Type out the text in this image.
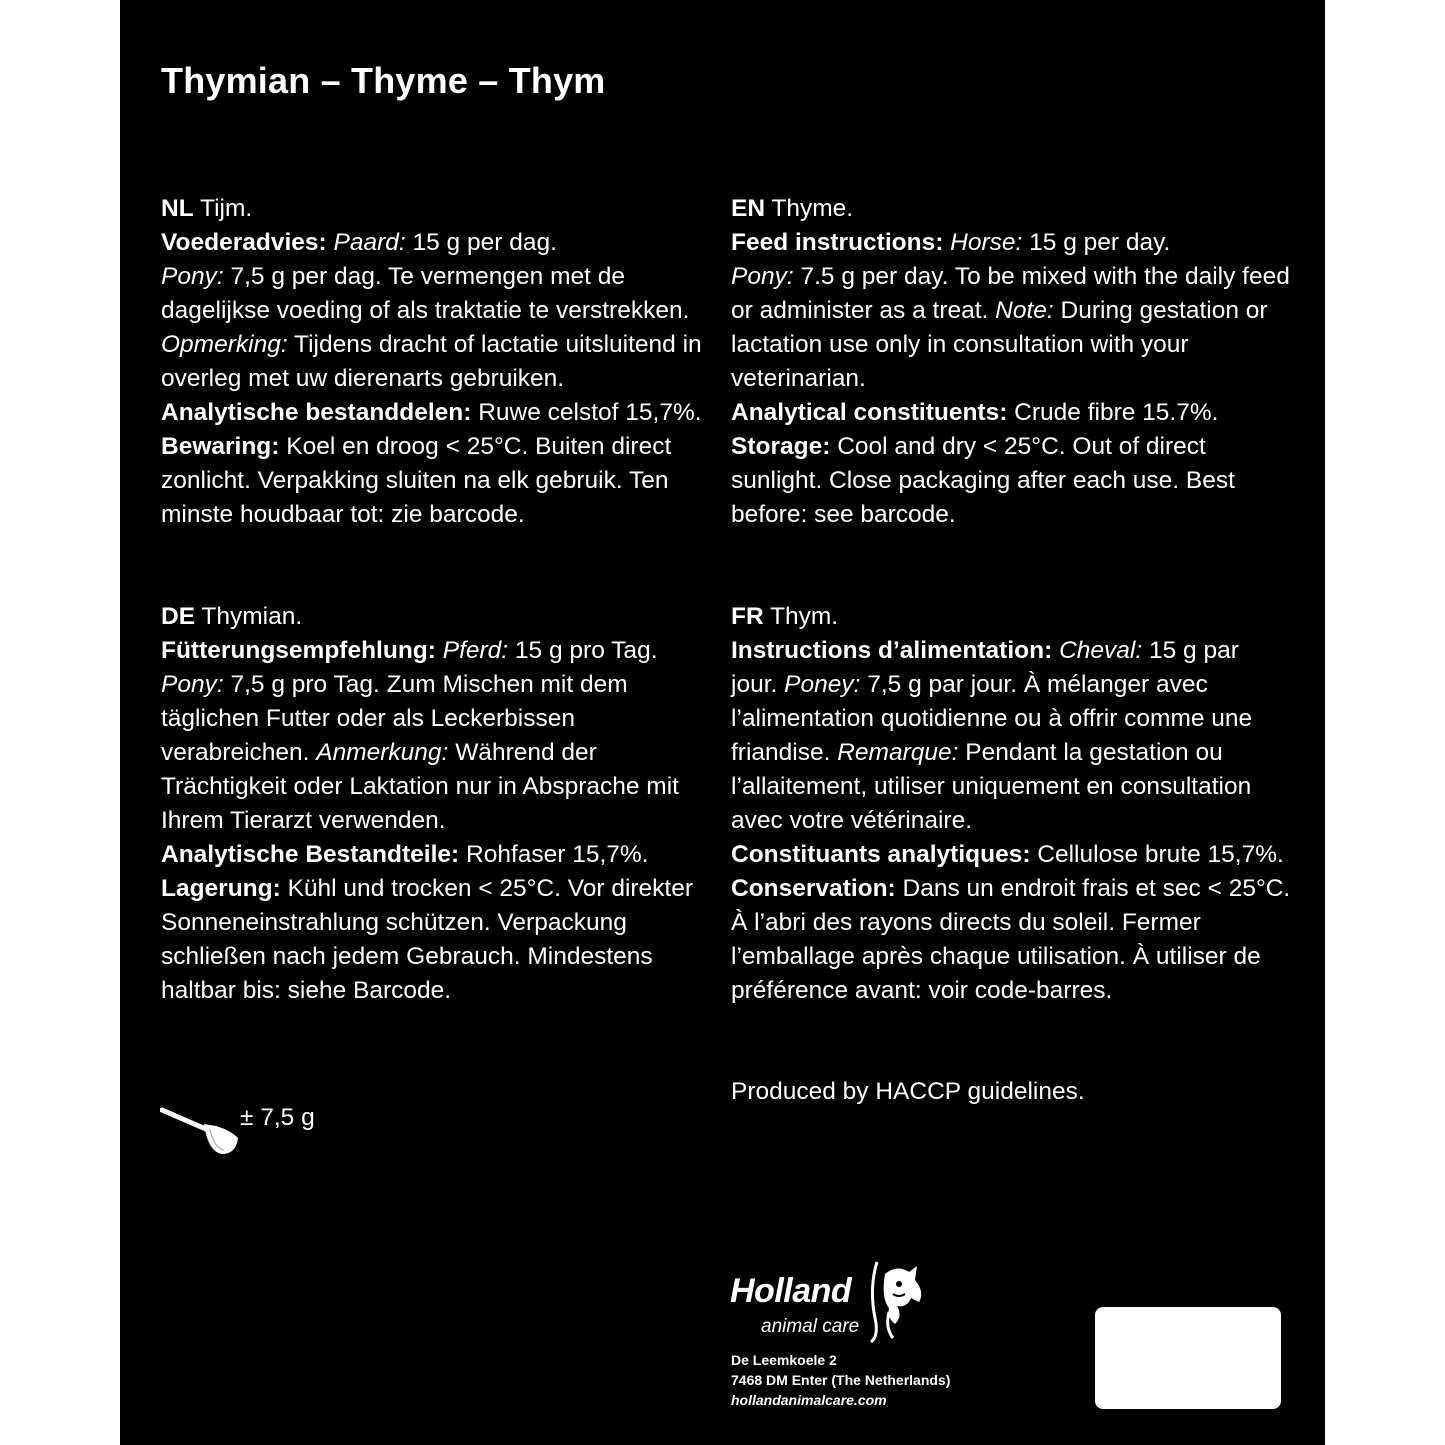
Thymian – Thyme – Thym

NL Tijm.

Voederadvies: Paard: 15 g per dag.
Pony: 7,5 g per dag. Te vermengen met de dagelijkse voeding of als traktatie te verstrekken.
Opmerking: Tijdens dracht of lactatie uitsluitend in overleg met uw dierenarts gebruiken.

Analytische bestanddelen: Ruwe celstof 15,7%.

Bewaring: Koel en droog < 25°C. Buiten direct zonlicht. Verpakking sluiten na elk gebruik. Ten minste houdbaar tot: zie barcode.

EN Thyme.

Feed instructions: Horse: 15 g per day.
Pony: 7.5 g per day. To be mixed with the daily feed or administer as a treat. Note: During gestation or lactation use only in consultation with your veterinarian.

Analytical constituents: Crude fibre 15.7%.

Storage: Cool and dry < 25°C. Out of direct sunlight. Close packaging after each use. Best before: see barcode.

DE Thymian.

Fütterungsempfehlung: Pferd: 15 g pro Tag.
Pony: 7,5 g pro Tag. Zum Mischen mit dem täglichen Futter oder als Leckerbissen verabreichen. Anmerkung: Während der Trächtigkeit oder Laktation nur in Absprache mit Ihrem Tierarzt verwenden.

Analytische Bestandteile: Rohfaser 15,7%.

Lagerung: Kühl und trocken < 25°C. Vor direkter Sonneneinstrahlung schützen. Verpackung schließen nach jedem Gebrauch. Mindestens haltbar bis: siehe Barcode.

FR Thym.

Instructions d’alimentation: Cheval: 15 g par jour. Poney: 7,5 g par jour. À mélanger avec l’alimentation quotidienne ou à offrir comme une friandise. Remarque: Pendant la gestation ou l’allaitement, utiliser uniquement en consultation avec votre vétérinaire.

Constituants analytiques: Cellulose brute 15,7%.

Conservation: Dans un endroit frais et sec < 25°C. À l’abri des rayons directs du soleil. Fermer l’emballage après chaque utilisation. À utiliser de préférence avant: voir code-barres.

Produced by HACCP guidelines.
± 7,5 g
Holland
animal care
De Leemkoele 2
7468 DM Enter (The Netherlands)
hollandanimalcare.com
